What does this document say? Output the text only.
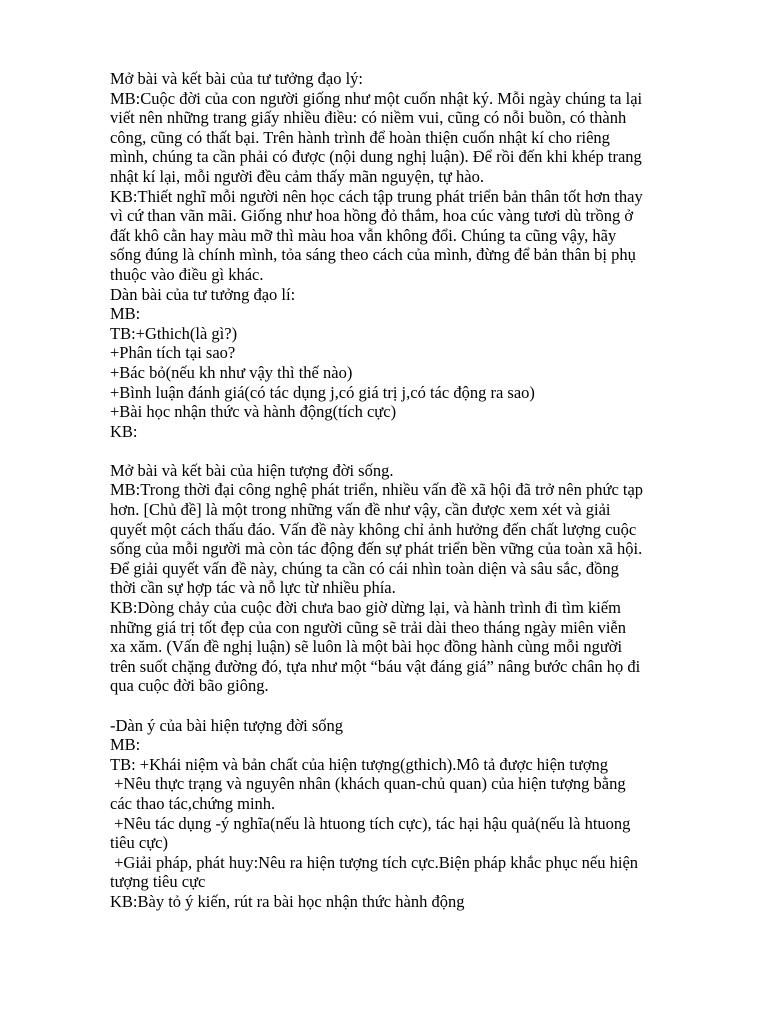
Mở bài và kết bài của tư tưởng đạo lý:
MB:Cuộc đời của con người giống như một cuốn nhật ký. Mỗi ngày chúng ta lại
viết nên những trang giấy nhiều điều: có niềm vui, cũng có nỗi buồn, có thành
công, cũng có thất bại. Trên hành trình để hoàn thiện cuốn nhật kí cho riêng
mình, chúng ta cần phải có được (nội dung nghị luận). Để rồi đến khi khép trang
nhật kí lại, mỗi người đều cảm thấy mãn nguyện, tự hào.
KB:Thiết nghĩ mỗi người nên học cách tập trung phát triển bản thân tốt hơn thay
vì cứ than vãn mãi. Giống như hoa hồng đỏ thắm, hoa cúc vàng tươi dù trồng ở
đất khô cằn hay màu mỡ thì màu hoa vẫn không đổi. Chúng ta cũng vậy, hãy
sống đúng là chính mình, tỏa sáng theo cách của mình, đừng để bản thân bị phụ
thuộc vào điều gì khác.
Dàn bài của tư tưởng đạo lí:
MB:
TB:+Gthich(là gì?)
+Phân tích tại sao?
+Bác bỏ(nếu kh như vậy thì thế nào)
+Bình luận đánh giá(có tác dụng j,có giá trị j,có tác động ra sao)
+Bài học nhận thức và hành động(tích cực)
KB:
Mở bài và kết bài của hiện tượng đời sống.
MB:Trong thời đại công nghệ phát triển, nhiều vấn đề xã hội đã trở nên phức tạp
hơn. [Chủ đề] là một trong những vấn đề như vậy, cần được xem xét và giải
quyết một cách thấu đáo. Vấn đề này không chỉ ảnh hưởng đến chất lượng cuộc
sống của mỗi người mà còn tác động đến sự phát triển bền vững của toàn xã hội.
Để giải quyết vấn đề này, chúng ta cần có cái nhìn toàn diện và sâu sắc, đồng
thời cần sự hợp tác và nỗ lực từ nhiều phía.
KB:Dòng chảy của cuộc đời chưa bao giờ dừng lại, và hành trình đi tìm kiếm
những giá trị tốt đẹp của con người cũng sẽ trải dài theo tháng ngày miên viễn
xa xăm. (Vấn đề nghị luận) sẽ luôn là một bài học đồng hành cùng mỗi người
trên suốt chặng đường đó, tựa như một “báu vật đáng giá” nâng bước chân họ đi
qua cuộc đời bão giông.
-Dàn ý của bài hiện tượng đời sống
MB:
TB: +Khái niệm và bản chất của hiện tượng(gthich).Mô tả được hiện tượng
+Nêu thực trạng và nguyên nhân (khách quan-chủ quan) của hiện tượng bằng
các thao tác,chứng minh.
+Nêu tác dụng -ý nghĩa(nếu là htuong tích cực), tác hại hậu quả(nếu là htuong
tiêu cực)
+Giải pháp, phát huy:Nêu ra hiện tượng tích cực.Biện pháp khắc phục nếu hiện
tượng tiêu cực
KB:Bày tỏ ý kiến, rút ra bài học nhận thức hành động
